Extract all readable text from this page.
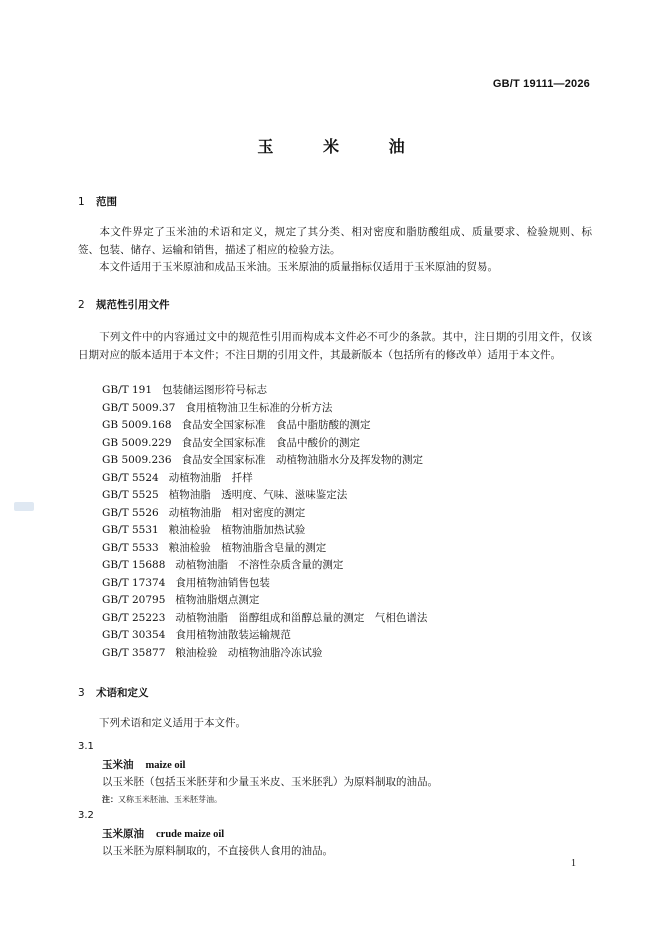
GB/T 19111—2026
玉 米 油
1 范围
本文件界定了玉米油的术语和定义，规定了其分类、相对密度和脂肪酸组成、质量要求、检验规则、标签、包装、储存、运输和销售，描述了相应的检验方法。
本文件适用于玉米原油和成品玉米油。玉米原油的质量指标仅适用于玉米原油的贸易。
2 规范性引用文件
下列文件中的内容通过文中的规范性引用而构成本文件必不可少的条款。其中，注日期的引用文件，仅该日期对应的版本适用于本文件；不注日期的引用文件，其最新版本（包括所有的修改单）适用于本文件。
GB/T 191 包装储运图形符号标志
GB/T 5009.37 食用植物油卫生标准的分析方法
GB 5009.168 食品安全国家标准　食品中脂肪酸的测定
GB 5009.229 食品安全国家标准　食品中酸价的测定
GB 5009.236 食品安全国家标准　动植物油脂水分及挥发物的测定
GB/T 5524 动植物油脂　扦样
GB/T 5525 植物油脂　透明度、气味、滋味鉴定法
GB/T 5526 动植物油脂　相对密度的测定
GB/T 5531 粮油检验　植物油脂加热试验
GB/T 5533 粮油检验　植物油脂含皂量的测定
GB/T 15688 动植物油脂　不溶性杂质含量的测定
GB/T 17374 食用植物油销售包装
GB/T 20795 植物油脂烟点测定
GB/T 25223 动植物油脂　甾醇组成和甾醇总量的测定　气相色谱法
GB/T 30354 食用植物油散装运输规范
GB/T 35877 粮油检验　动植物油脂冷冻试验
3 术语和定义
下列术语和定义适用于本文件。
3.1
玉米油 maize oil
以玉米胚（包括玉米胚芽和少量玉米皮、玉米胚乳）为原料制取的油品。
注：又称玉米胚油、玉米胚芽油。
3.2
玉米原油 crude maize oil
以玉米胚为原料制取的，不直接供人食用的油品。
1
